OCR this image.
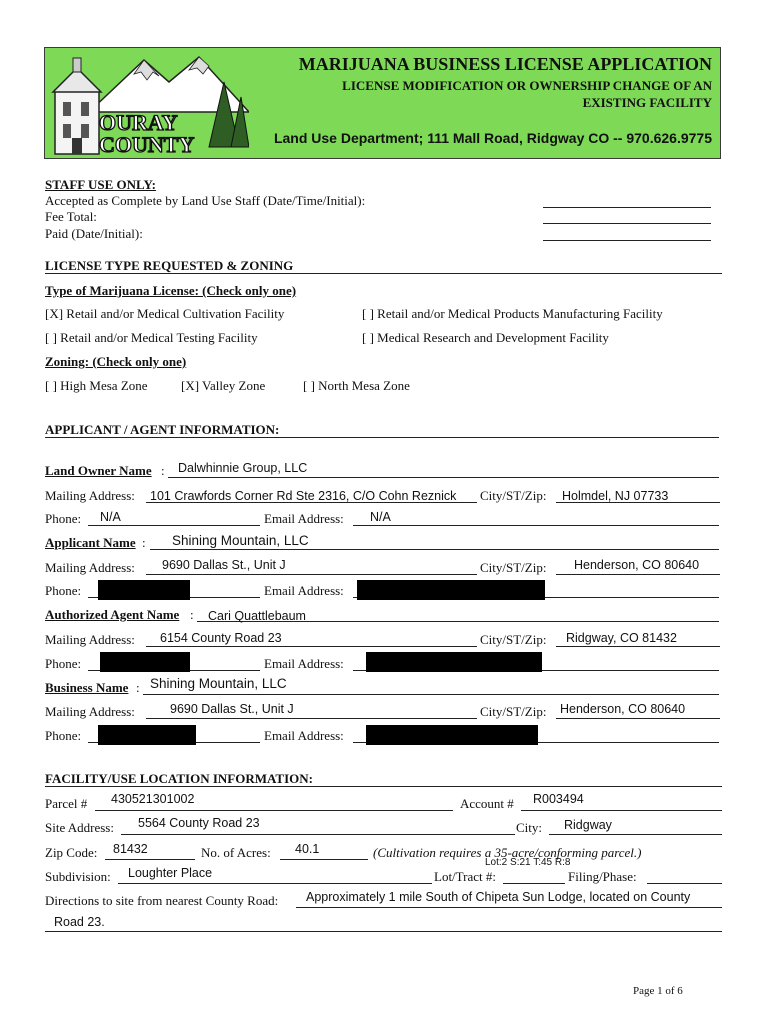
OURAY
COUNTY
MARIJUANA BUSINESS LICENSE APPLICATION
LICENSE MODIFICATION OR OWNERSHIP CHANGE OF AN
EXISTING FACILITY
Land Use Department; 111 Mall Road, Ridgway CO -- 970.626.9775
STAFF USE ONLY:
Accepted as Complete by Land Use Staff (Date/Time/Initial):
Fee Total:
Paid (Date/Initial):
LICENSE TYPE REQUESTED & ZONING
Type of Marijuana License: (Check only one)
[X] Retail and/or Medical Cultivation Facility	[ ] Retail and/or Medical Products Manufacturing Facility
[ ] Retail and/or Medical Testing Facility	[ ] Medical Research and Development Facility
Zoning: (Check only one)
[ ] High Mesa Zone	[X] Valley Zone	[ ] North Mesa Zone
APPLICANT / AGENT INFORMATION:
Land Owner Name : Dalwhinnie Group, LLC
Mailing Address: 101 Crawfords Corner Rd Ste 2316, C/O Cohn Reznick City/ST/Zip: Holmdel, NJ 07733
Phone: N/A	Email Address: N/A
Applicant Name : Shining Mountain, LLC
Mailing Address: 9690 Dallas St., Unit J	City/ST/Zip: Henderson, CO 80640
Phone:	Email Address:
Authorized Agent Name : Cari Quattlebaum
Mailing Address: 6154 County Road 23	City/ST/Zip: Ridgway, CO 81432
Phone:	Email Address:
Business Name : Shining Mountain, LLC
Mailing Address:	9690 Dallas St., Unit J	City/ST/Zip: Henderson, CO 80640
Phone:	Email Address:
FACILITY/USE LOCATION INFORMATION:
Parcel # 430521301002	Account # R003494
Site Address: 5564 County Road 23	City: Ridgway
Zip Code: 81432	No. of Acres: 40.1	(Cultivation requires a 35-acre/conforming parcel.)
Subdivision: Loughter Place	Lot/Tract #:
Lot:2 S:21 T:45 R:8
Filing/Phase:
Directions to site from nearest County Road: Approximately 1 mile South of Chipeta Sun Lodge, located on County
Road 23.
Page 1 of 6
